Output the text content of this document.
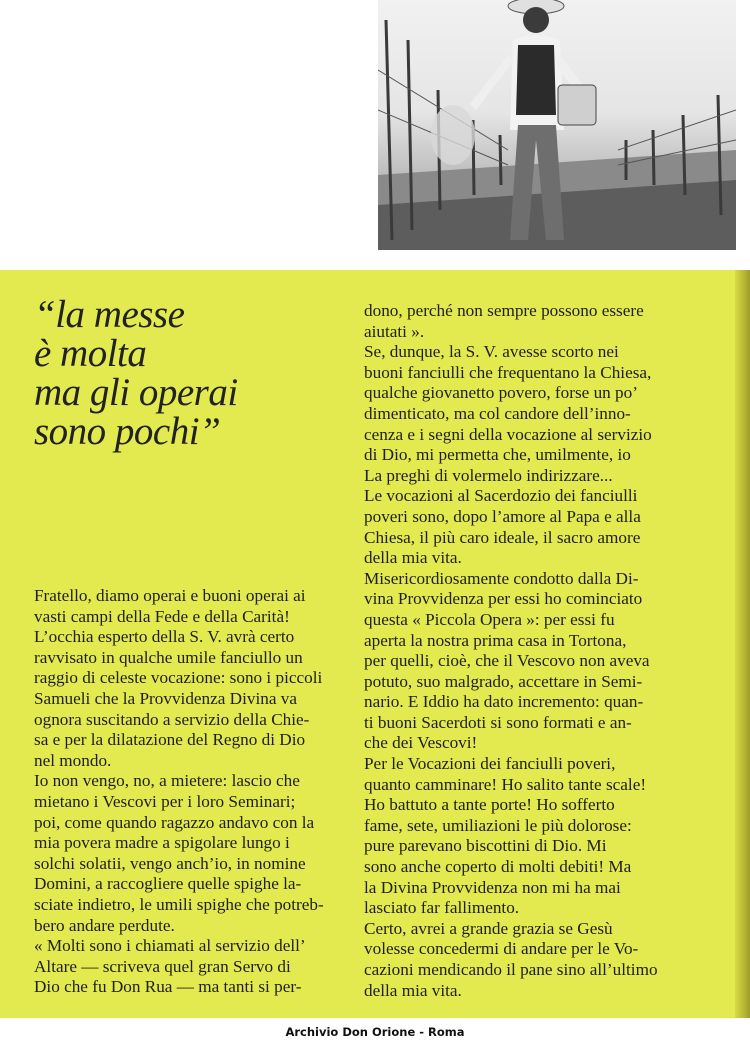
“la messe
è molta
ma gli operai
sono pochi”

Fratello, diamo operai e buoni operai ai

vasti campi della Fede e della Carità!

L’occhia esperto della S. V. avrà certo

ravvisato in qualche umile fanciullo un

raggio di celeste vocazione: sono i piccoli

Samueli che la Provvidenza Divina va

ognora suscitando a servizio della Chie-

sa e per la dilatazione del Regno di Dio

nel mondo.

Io non vengo, no, a mietere: lascio che

mietano i Vescovi per i loro Seminari;

poi, come quando ragazzo andavo con la

mia povera madre a spigolare lungo i

solchi solatii, vengo anch’io, in nomine

Domini, a raccogliere quelle spighe la-

sciate indietro, le umili spighe che potreb-

bero andare perdute.

« Molti sono i chiamati al servizio dell’

Altare — scriveva quel gran Servo di

Dio che fu Don Rua — ma tanti si per-

dono, perché non sempre possono essere

aiutati ».

Se, dunque, la S. V. avesse scorto nei

buoni fanciulli che frequentano la Chiesa,

qualche giovanetto povero, forse un po’

dimenticato, ma col candore dell’inno-

cenza e i segni della vocazione al servizio

di Dio, mi permetta che, umilmente, io

La preghi di volermelo indirizzare...

Le vocazioni al Sacerdozio dei fanciulli

poveri sono, dopo l’amore al Papa e alla

Chiesa, il più caro ideale, il sacro amore

della mia vita.

Misericordiosamente condotto dalla Di-

vina Provvidenza per essi ho cominciato

questa « Piccola Opera »: per essi fu

aperta la nostra prima casa in Tortona,

per quelli, cioè, che il Vescovo non aveva

potuto, suo malgrado, accettare in Semi-

nario. E Iddio ha dato incremento: quan-

ti buoni Sacerdoti si sono formati e an-

che dei Vescovi!

Per le Vocazioni dei fanciulli poveri,

quanto camminare! Ho salito tante scale!

Ho battuto a tante porte! Ho sofferto

fame, sete, umiliazioni le più dolorose:

pure parevano biscottini di Dio. Mi

sono anche coperto di molti debiti! Ma

la Divina Provvidenza non mi ha mai

lasciato far fallimento.

Certo, avrei a grande grazia se Gesù

volesse concedermi di andare per le Vo-

cazioni mendicando il pane sino all’ultimo

della mia vita.

Archivio Don Orione - Roma
